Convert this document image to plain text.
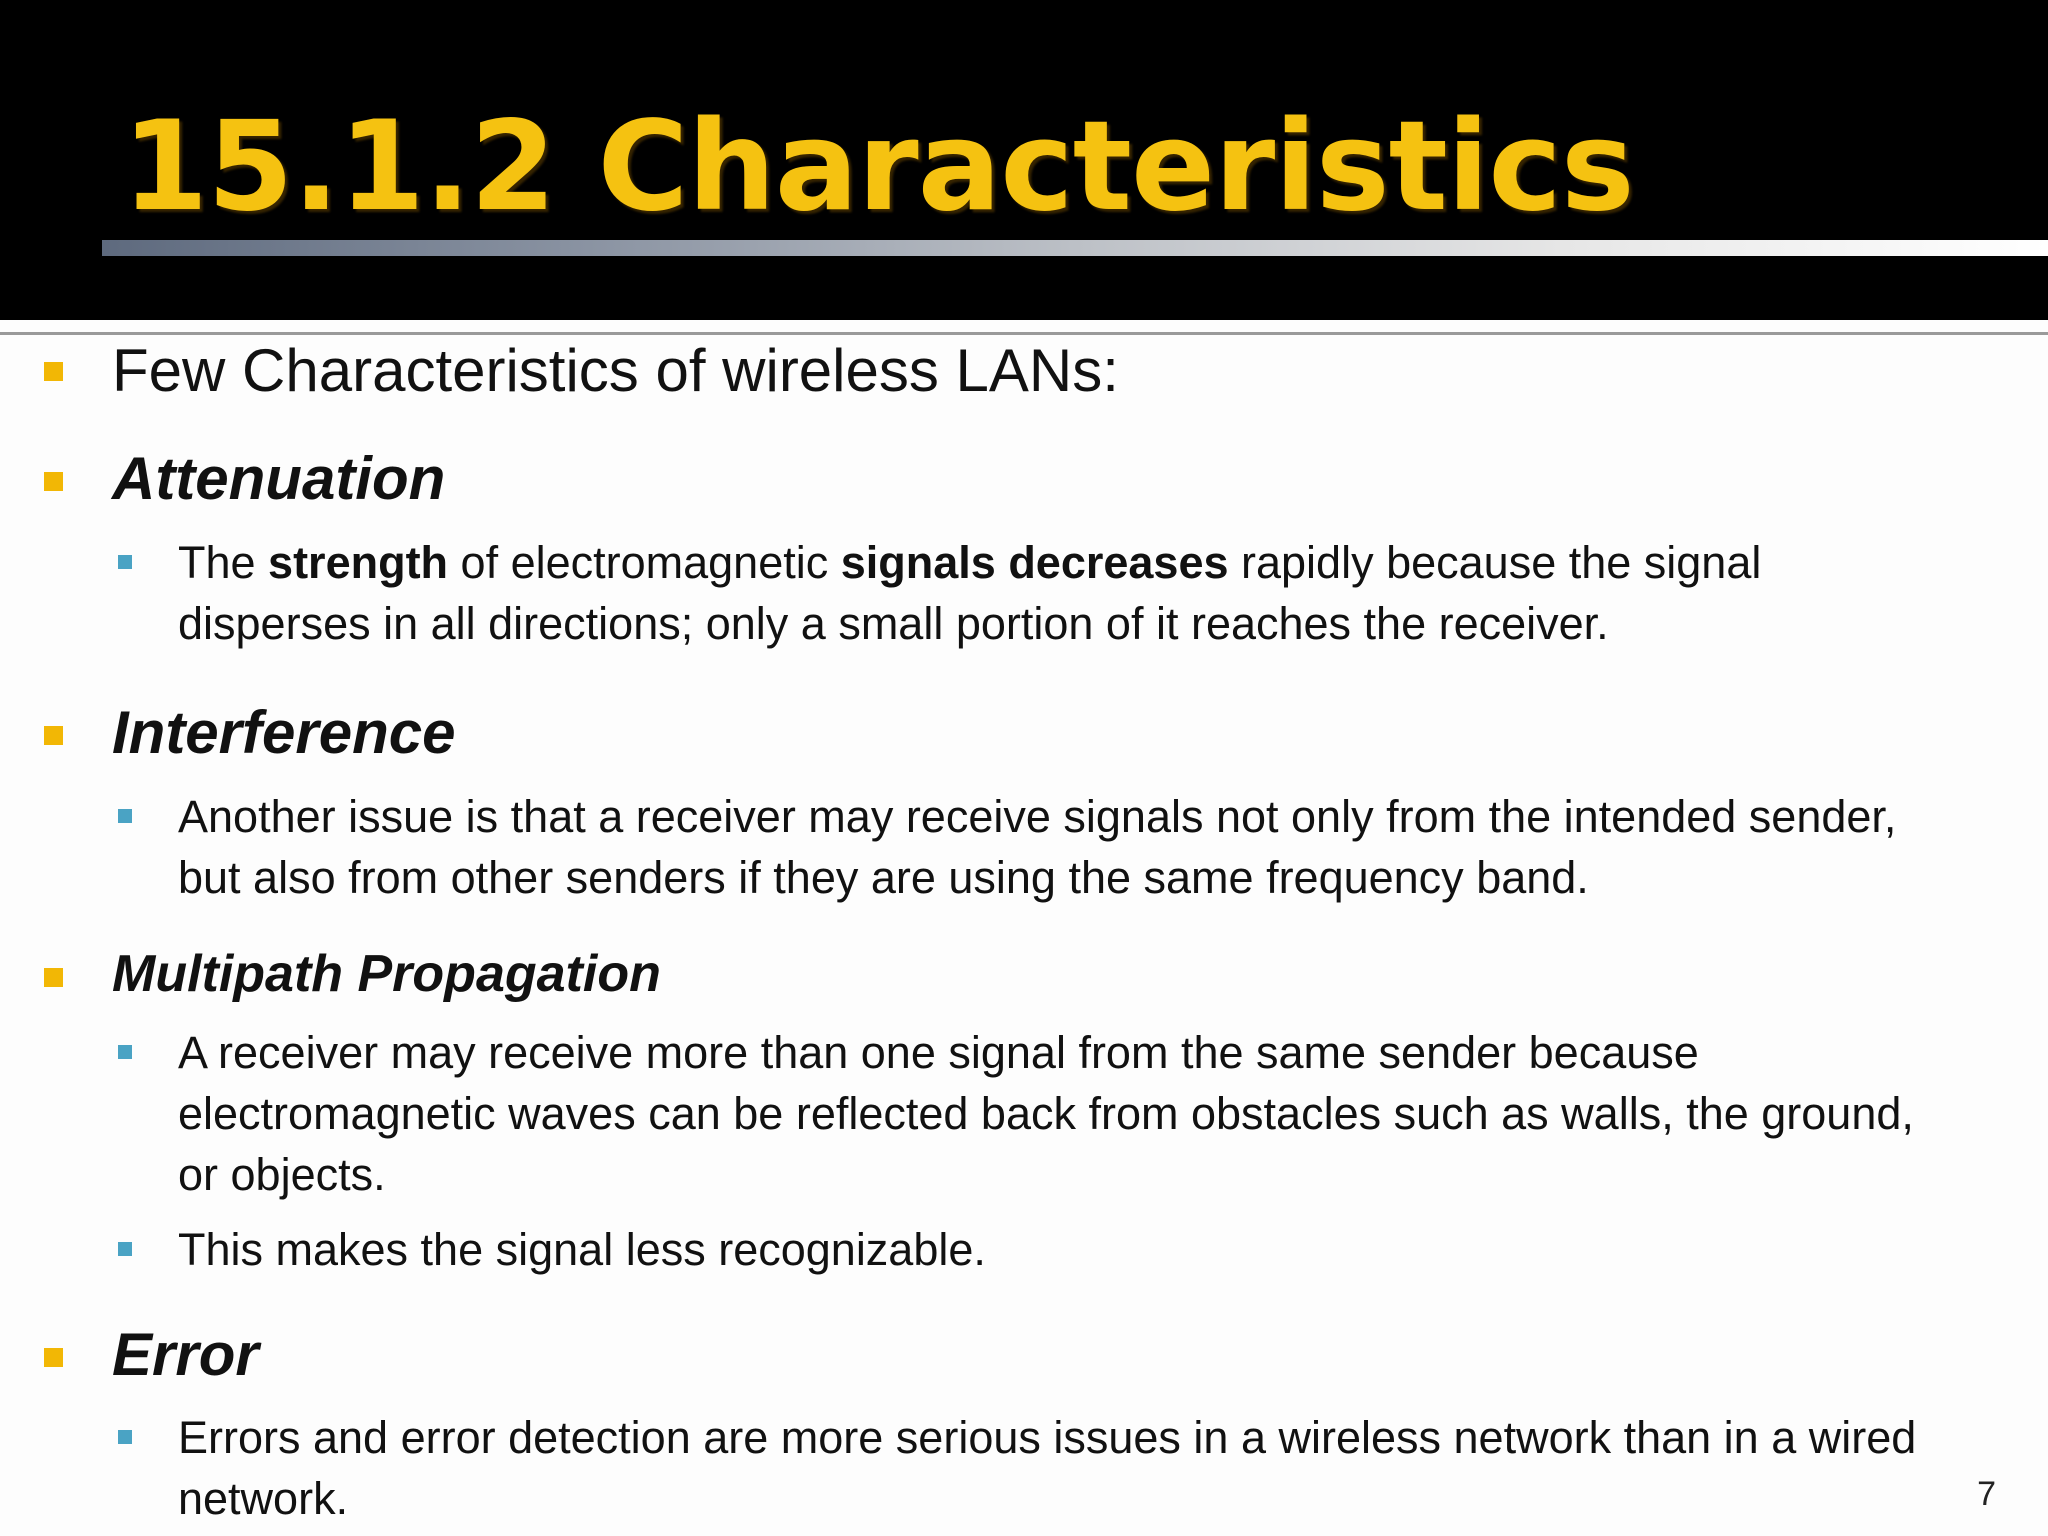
15.1.2 Characteristics
Few Characteristics of wireless LANs:
Attenuation
The strength of electromagnetic signals decreases rapidly because the signal
disperses in all directions; only a small portion of it reaches the receiver.
Interference
Another issue is that a receiver may receive signals not only from the intended sender,
but also from other senders if they are using the same frequency band.
Multipath Propagation
A receiver may receive more than one signal from the same sender because
electromagnetic waves can be reflected back from obstacles such as walls, the ground,
or objects.
This makes the signal less recognizable.
Error
Errors and error detection are more serious issues in a wireless network than in a wired
network.	7
